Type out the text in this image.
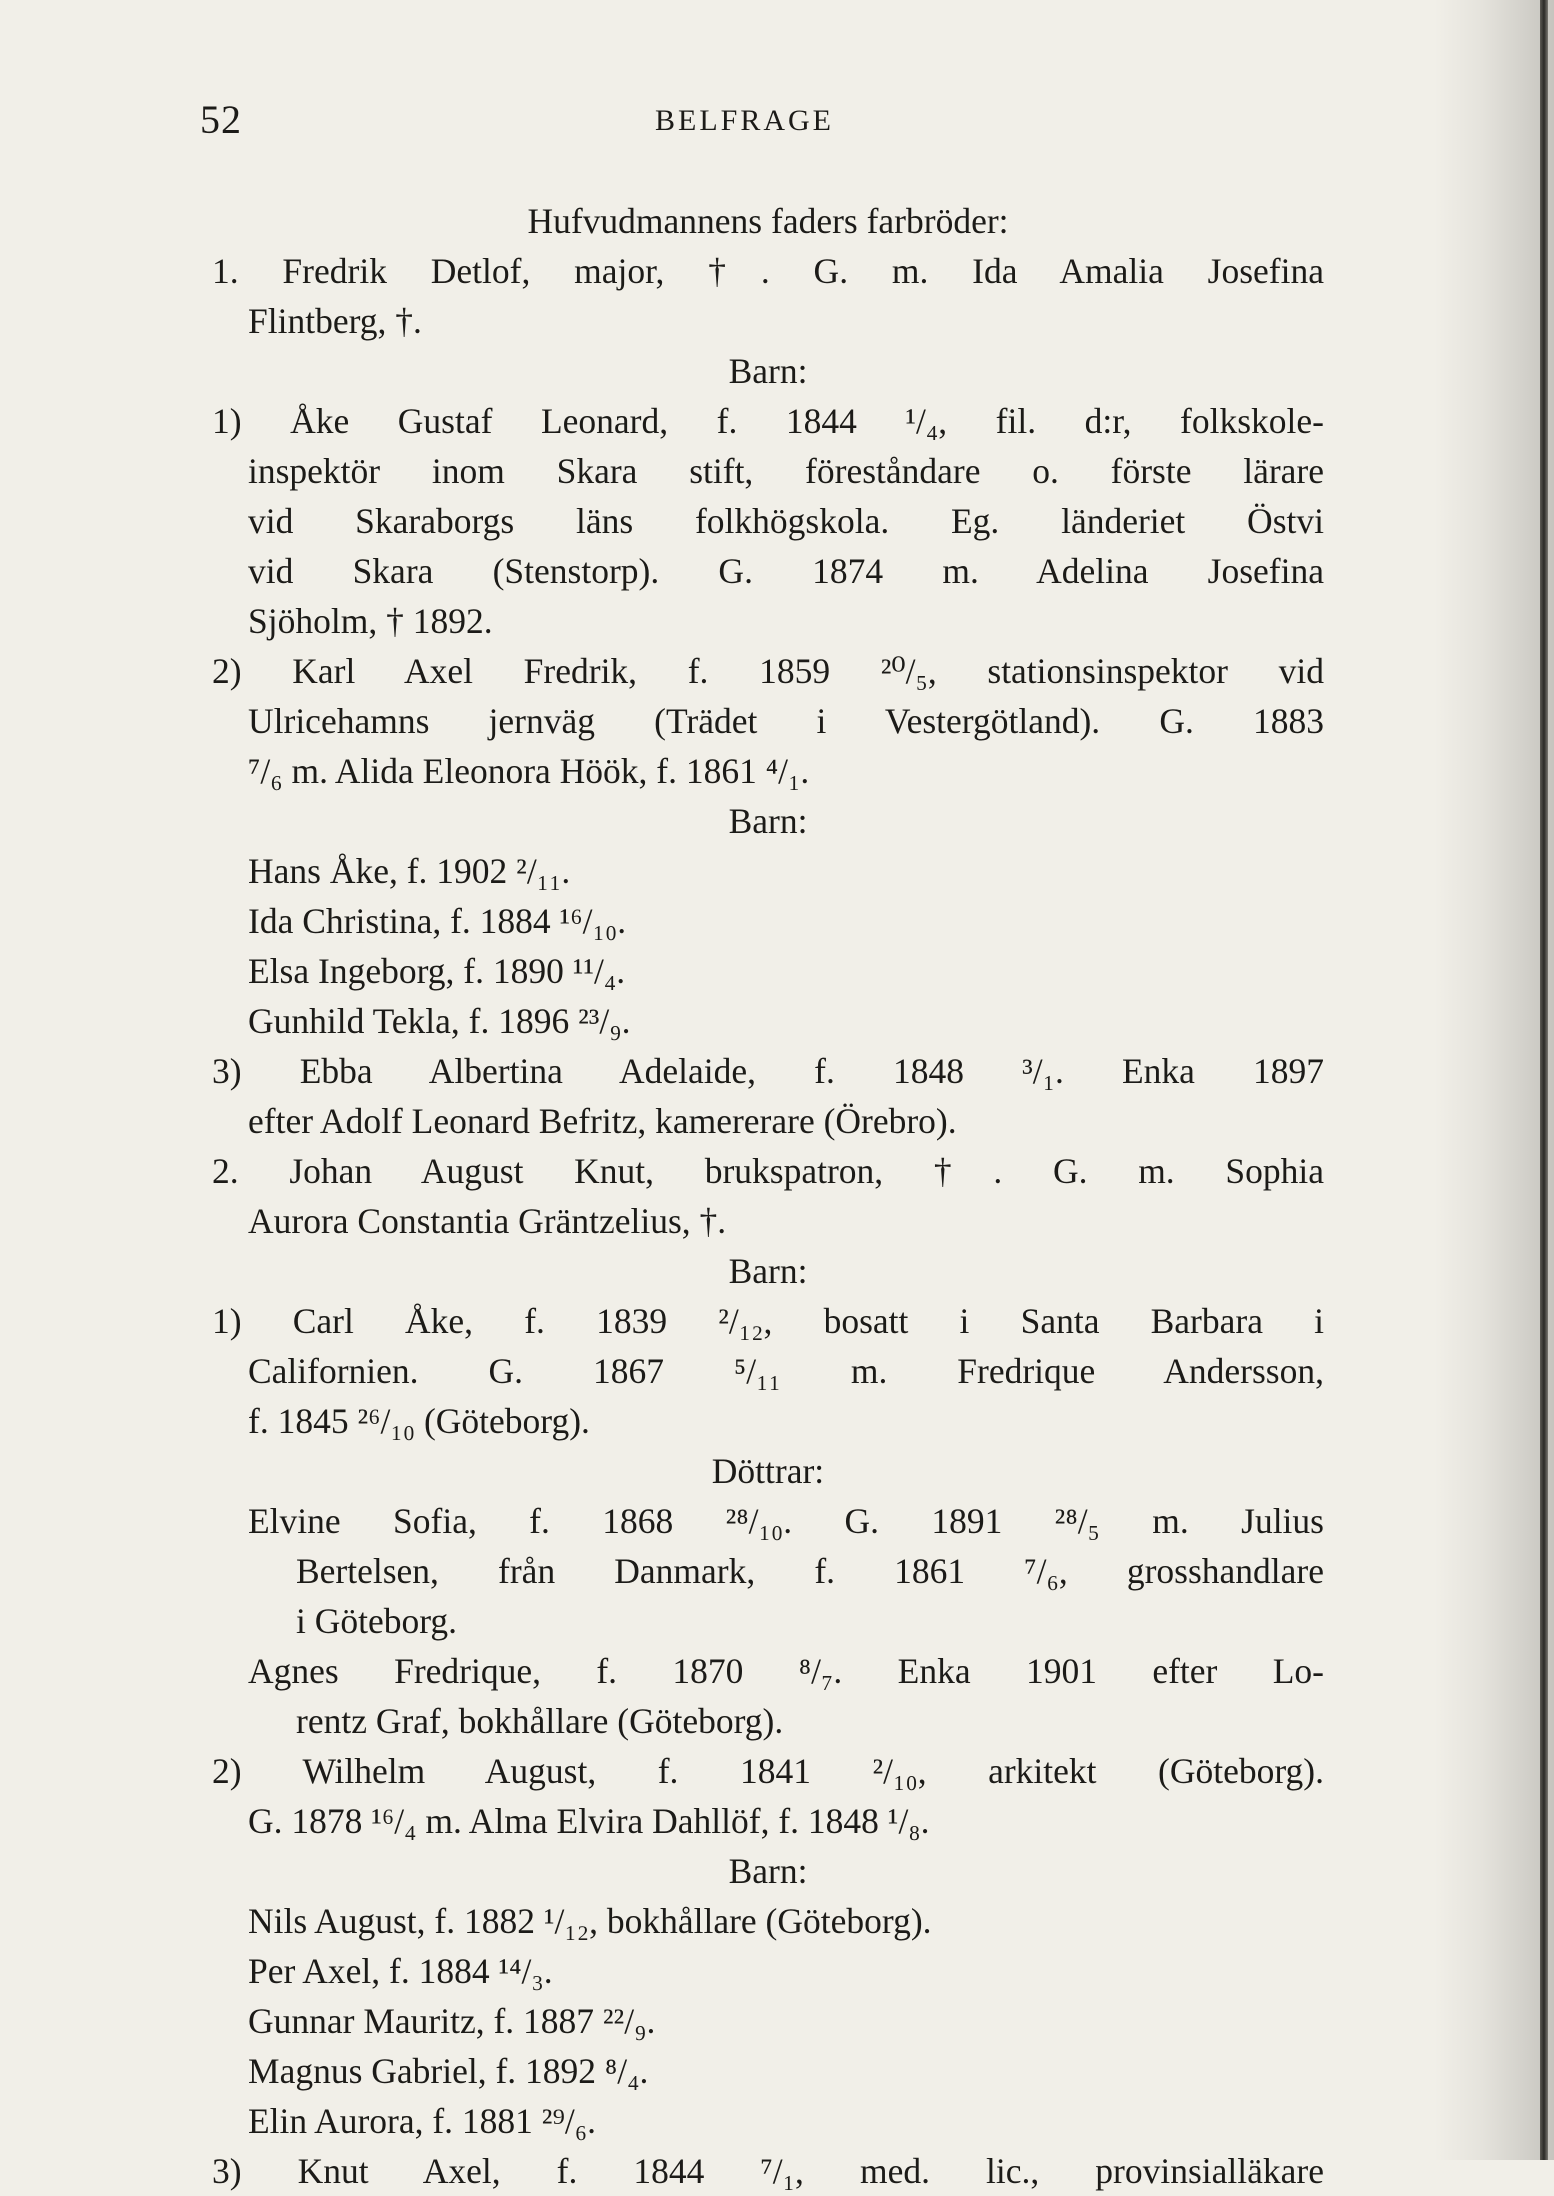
52	BELFRAGE
Hufvudmannens faders farbröder:
1. Fredrik Detlof, major, †. G. m. Ida Amalia Josefina
Flintberg, †.
Barn:
1) Åke Gustaf Leonard, f. 1844 ¹/₄, fil. d:r, folkskole-
inspektör inom Skara stift, föreståndare o. förste lärare
vid Skaraborgs läns folkhögskola. Eg. länderiet Östvi
vid Skara (Stenstorp). G. 1874 m. Adelina Josefina
Sjöholm, † 1892.
2) Karl Axel Fredrik, f. 1859 ²⁰/₅, stationsinspektor vid
Ulricehamns jernväg (Trädet i Vestergötland). G. 1883
⁷/₆ m. Alida Eleonora Höök, f. 1861 ⁴/₁.
Barn:
Hans Åke, f. 1902 ²/₁₁.
Ida Christina, f. 1884 ¹⁶/₁₀.
Elsa Ingeborg, f. 1890 ¹¹/₄.
Gunhild Tekla, f. 1896 ²³/₉.
3) Ebba Albertina Adelaide, f. 1848 ³/₁. Enka 1897
efter Adolf Leonard Befritz, kamererare (Örebro).
2. Johan August Knut, brukspatron, †. G. m. Sophia
Aurora Constantia Gräntzelius, †.
Barn:
1) Carl Åke, f. 1839 ²/₁₂, bosatt i Santa Barbara i
Californien. G. 1867 ⁵/₁₁ m. Fredrique Andersson,
f. 1845 ²⁶/₁₀ (Göteborg).
Döttrar:
Elvine Sofia, f. 1868 ²⁸/₁₀. G. 1891 ²⁸/₅ m. Julius
Bertelsen, från Danmark, f. 1861 ⁷/₆, grosshandlare
i Göteborg.
Agnes Fredrique, f. 1870 ⁸/₇. Enka 1901 efter Lo-
rentz Graf, bokhållare (Göteborg).
2) Wilhelm August, f. 1841 ²/₁₀, arkitekt (Göteborg).
G. 1878 ¹⁶/₄ m. Alma Elvira Dahllöf, f. 1848 ¹/₈.
Barn:
Nils August, f. 1882 ¹/₁₂, bokhållare (Göteborg).
Per Axel, f. 1884 ¹⁴/₃.
Gunnar Mauritz, f. 1887 ²²/₉.
Magnus Gabriel, f. 1892 ⁸/₄.
Elin Aurora, f. 1881 ²⁹/₆.
3) Knut Axel, f. 1844 ⁷/₁, med. lic., provinsialläkare
